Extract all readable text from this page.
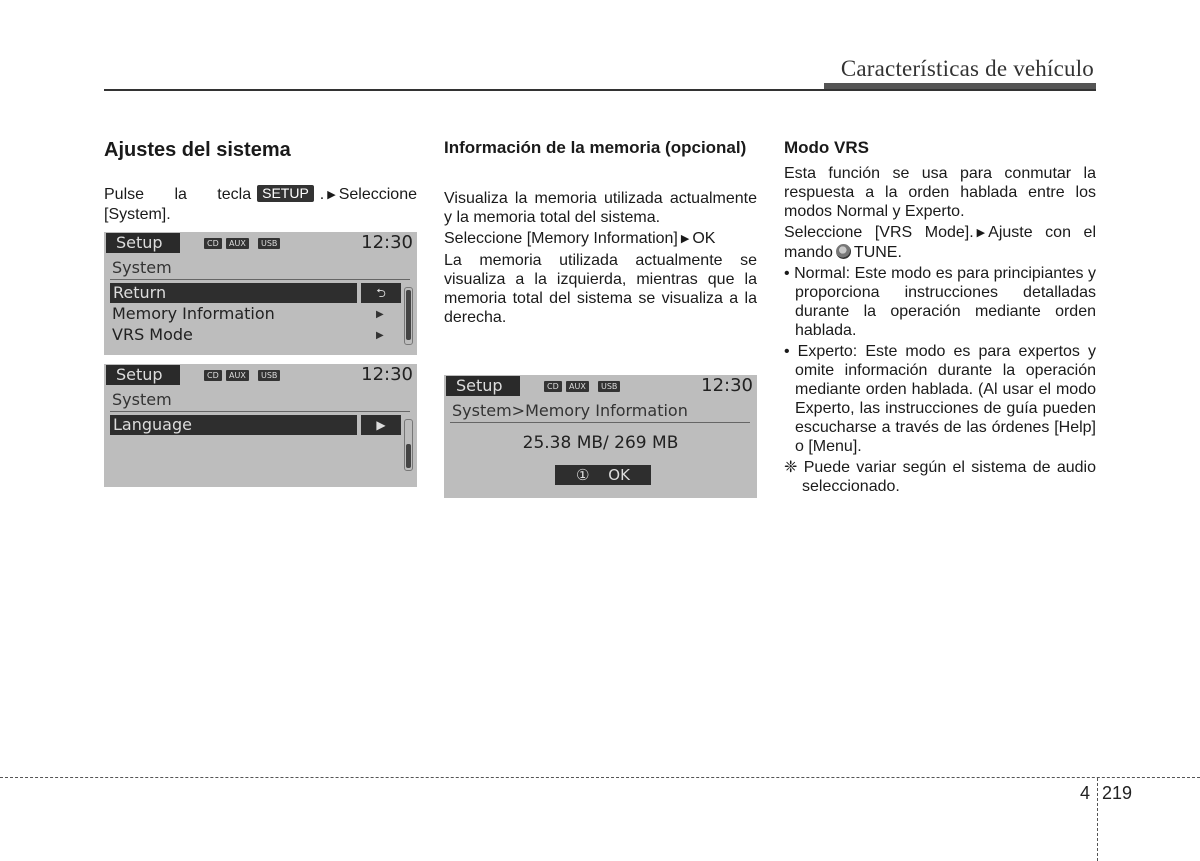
Características de vehículo
Ajustes del sistema

Pulse la tecla SETUP . ▶ Seleccione [System].

Setup	CD	AUX	USB	12:30
System
Return	⮌
Memory Information	▶
VRS Mode	▶
Setup	CD	AUX	USB	12:30
System
Language	▶
Información de la memoria (opcional)

Visualiza la memoria utilizada actualmente y la memoria total del sistema.

Seleccione [Memory Information] ▶ OK

La memoria utilizada actualmente se visualiza a la izquierda, mientras que la memoria total del sistema se visualiza a la derecha.

Setup	CD	AUX	USB	12:30
System>Memory Information
25.38 MB/ 269 MB
① OK
Modo VRS

Esta función se usa para conmutar la respuesta a la orden hablada entre los modos Normal y Experto.

Seleccione [VRS Mode]. ▶ Ajuste con el mando TUNE.

• Normal: Este modo es para principiantes y proporciona instrucciones detalladas durante la operación mediante orden hablada.

• Experto: Este modo es para expertos y omite información durante la operación mediante orden hablada. (Al usar el modo Experto, las instrucciones de guía pueden escucharse a través de las órdenes [Help] o [Menu].

❈ Puede variar según el sistema de audio seleccionado.

4 219
